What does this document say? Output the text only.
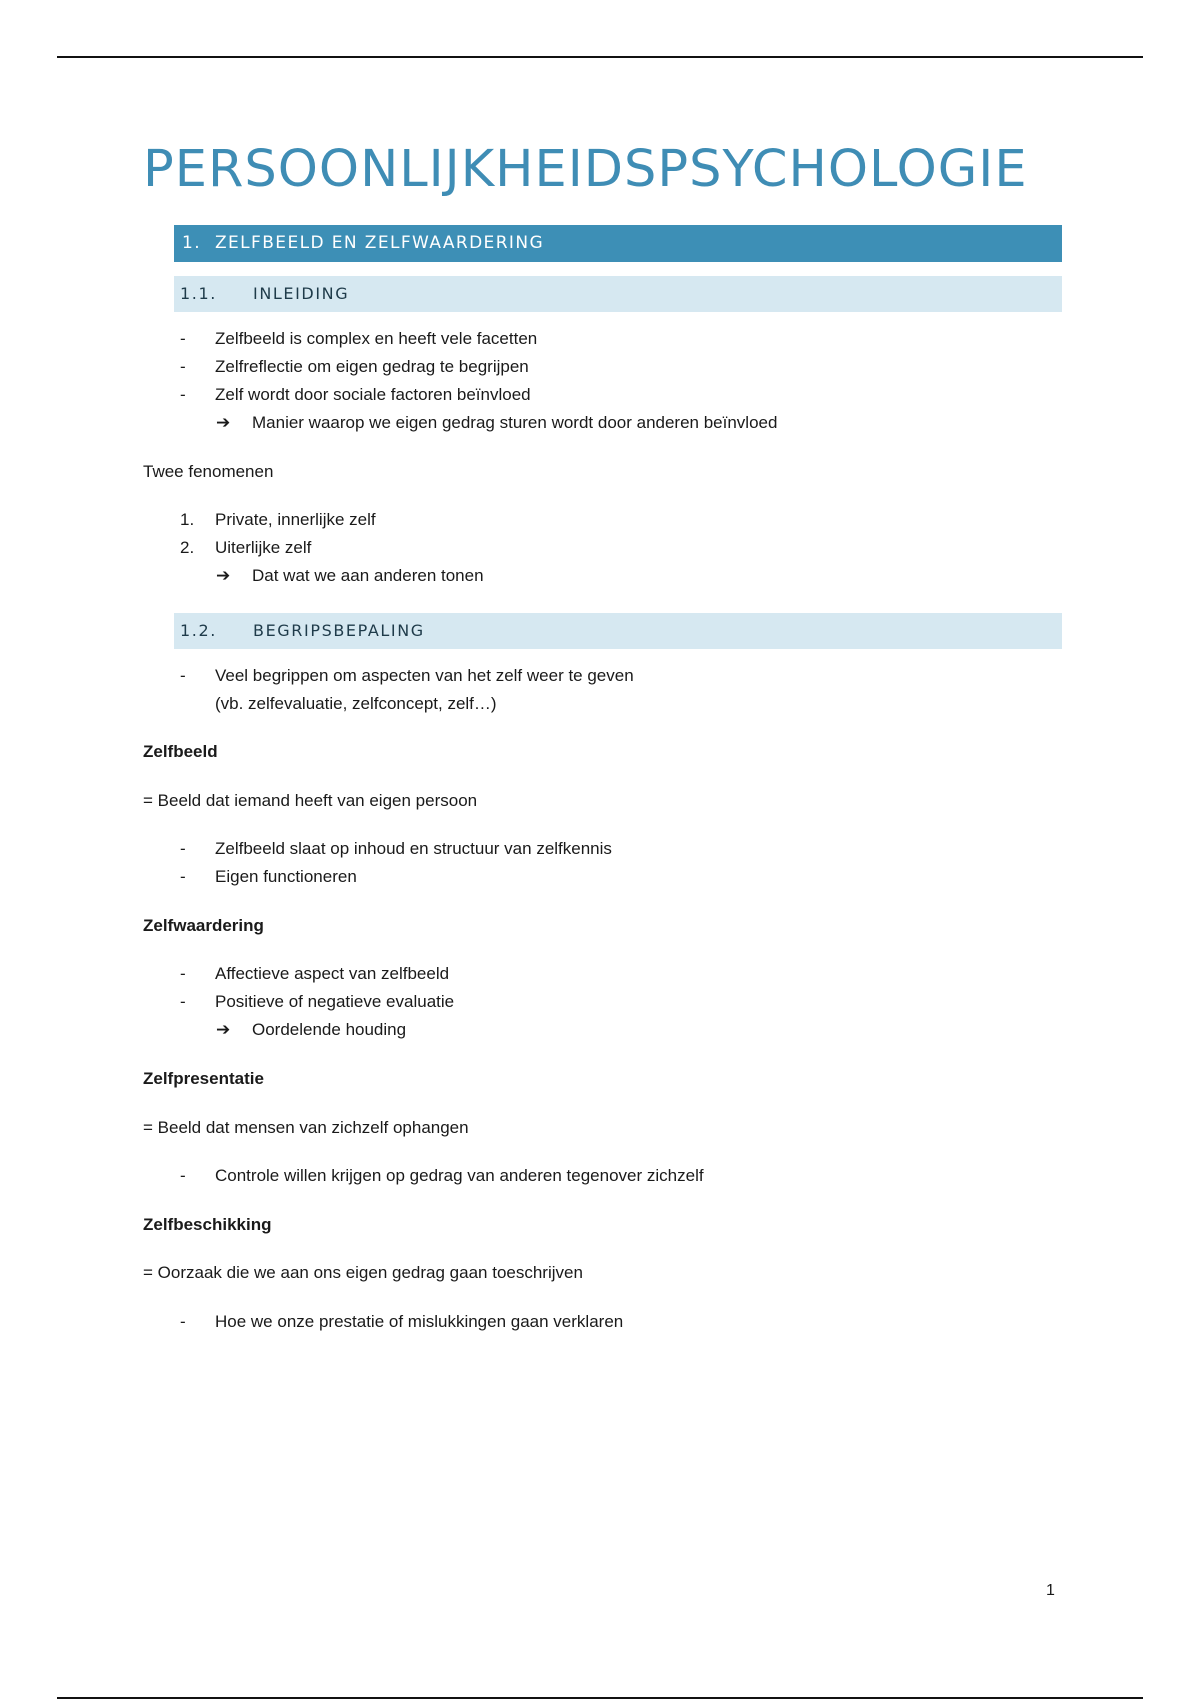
PERSOONLIJKHEIDSPSYCHOLOGIE
1. ZELFBEELD EN ZELFWAARDERING
1.1. INLEIDING
- Zelfbeeld is complex en heeft vele facetten
- Zelfreflectie om eigen gedrag te begrijpen
- Zelf wordt door sociale factoren beïnvloed
➔ Manier waarop we eigen gedrag sturen wordt door anderen beïnvloed
Twee fenomenen
1. Private, innerlijke zelf
2. Uiterlijke zelf
➔ Dat wat we aan anderen tonen
1.2. BEGRIPSBEPALING
- Veel begrippen om aspecten van het zelf weer te geven
(vb. zelfevaluatie, zelfconcept, zelf…)
Zelfbeeld
= Beeld dat iemand heeft van eigen persoon
- Zelfbeeld slaat op inhoud en structuur van zelfkennis
- Eigen functioneren
Zelfwaardering
- Affectieve aspect van zelfbeeld
- Positieve of negatieve evaluatie
➔ Oordelende houding
Zelfpresentatie
= Beeld dat mensen van zichzelf ophangen
- Controle willen krijgen op gedrag van anderen tegenover zichzelf
Zelfbeschikking
= Oorzaak die we aan ons eigen gedrag gaan toeschrijven
- Hoe we onze prestatie of mislukkingen gaan verklaren
1
